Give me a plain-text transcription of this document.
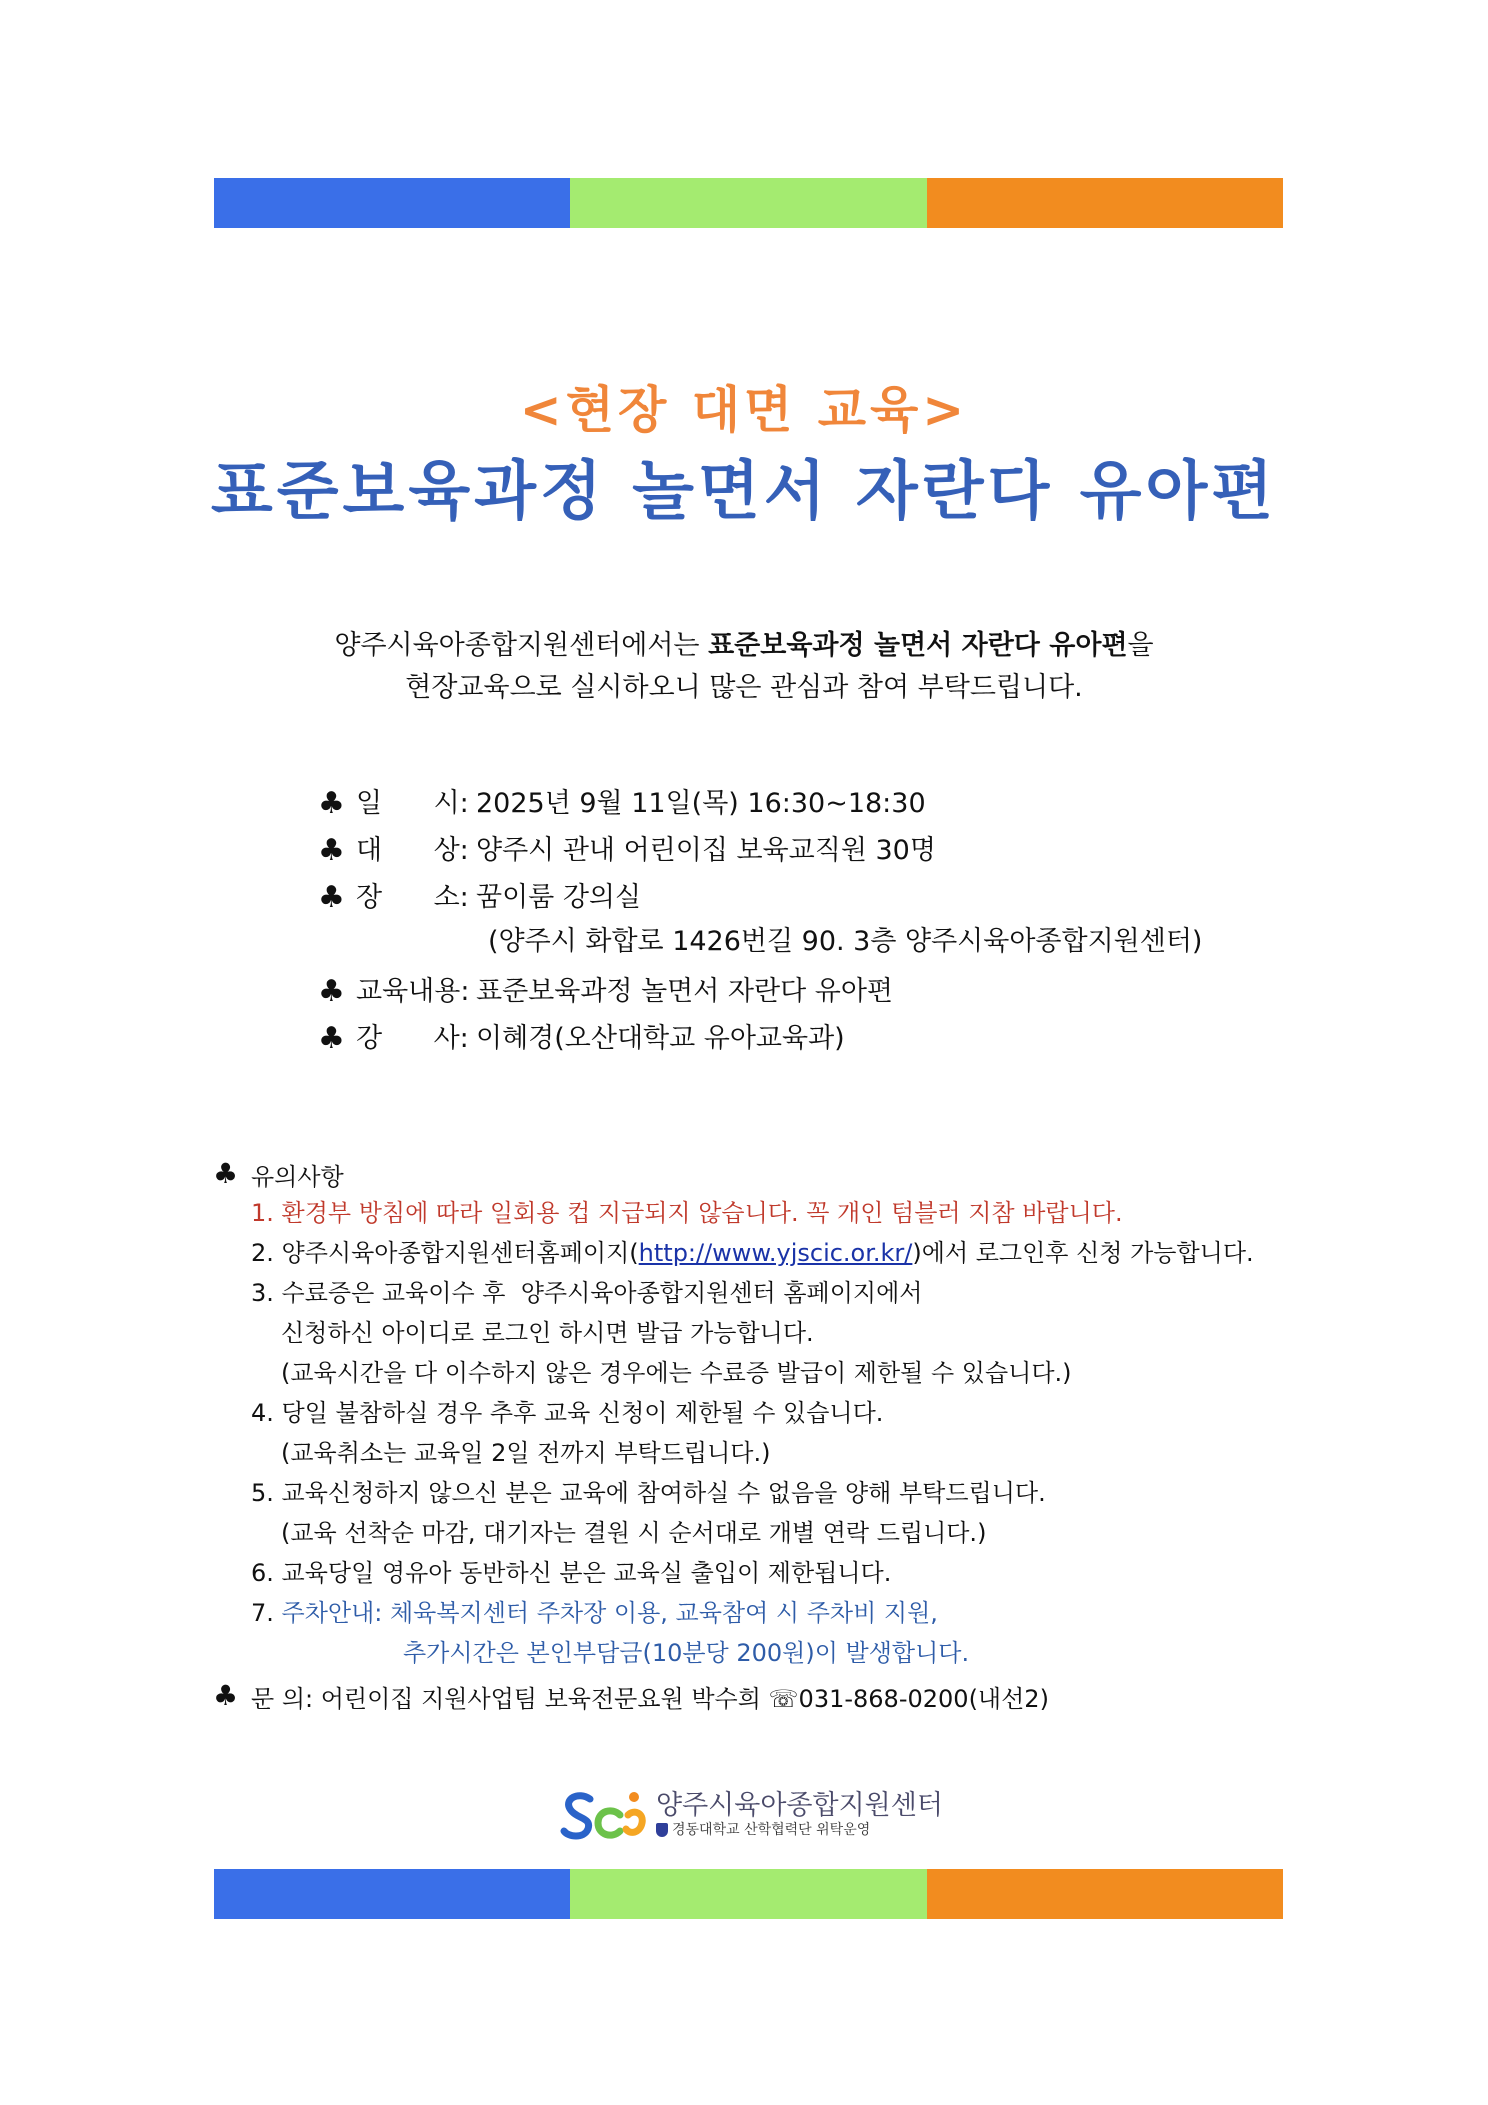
<현장 대면 교육>
표준보육과정 놀면서 자란다 유아편

양주시육아종합지원센터에서는 표준보육과정 놀면서 자란다 유아편을

현장교육으로 실시하오니 많은 관심과 참여 부탁드립니다.

♣ 일      시: 2025년 9월 11일(목) 16:30~18:30
♣ 대      상: 양주시 관내 어린이집 보육교직원 30명
♣ 장      소: 꿈이룸 강의실
(양주시 화합로 1426번길 90. 3층 양주시육아종합지원센터)
♣ 교육내용: 표준보육과정 놀면서 자란다 유아편
♣ 강      사: 이혜경(오산대학교 유아교육과)
♣ 유의사항
1. 환경부 방침에 따라 일회용 컵 지급되지 않습니다. 꼭 개인 텀블러 지참 바랍니다.
2. 양주시육아종합지원센터홈페이지(http://www.yjscic.or.kr/)에서 로그인후 신청 가능합니다.
3. 수료증은 교육이수 후  양주시육아종합지원센터 홈페이지에서
신청하신 아이디로 로그인 하시면 발급 가능합니다.
(교육시간을 다 이수하지 않은 경우에는 수료증 발급이 제한될 수 있습니다.)
4. 당일 불참하실 경우 추후 교육 신청이 제한될 수 있습니다.
(교육취소는 교육일 2일 전까지 부탁드립니다.)
5. 교육신청하지 않으신 분은 교육에 참여하실 수 없음을 양해 부탁드립니다.
(교육 선착순 마감, 대기자는 결원 시 순서대로 개별 연락 드립니다.)
6. 교육당일 영유아 동반하신 분은 교육실 출입이 제한됩니다.
7. 주차안내: 체육복지센터 주차장 이용, 교육참여 시 주차비 지원,
추가시간은 본인부담금(10분당 200원)이 발생합니다.
♣ 문 의: 어린이집 지원사업팀 보육전문요원 박수희 ☏031-868-0200(내선2)
양주시육아종합지원센터
경동대학교 산학협력단 위탁운영
